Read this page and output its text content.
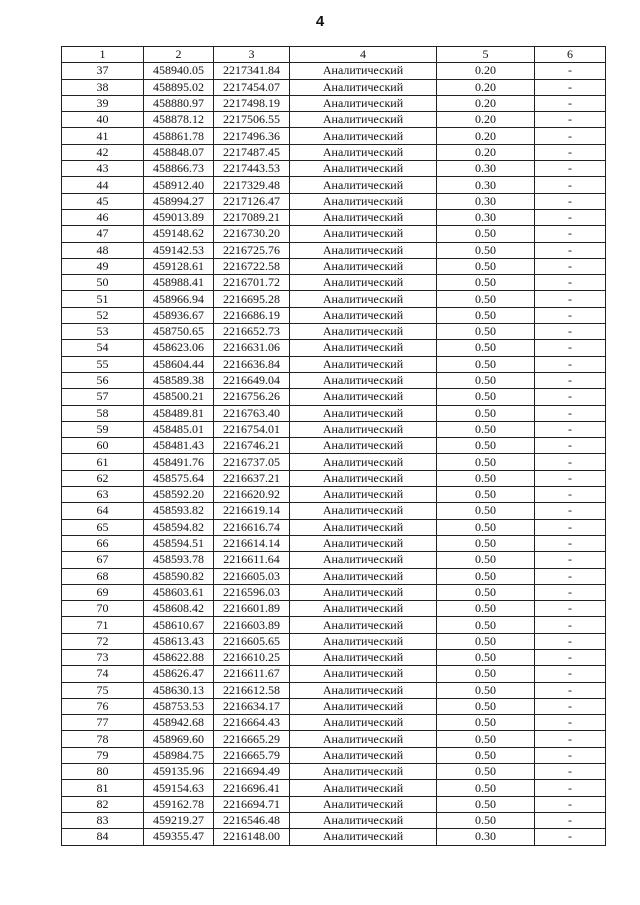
4
1	2	3	4	5	6
37	458940.05	2217341.84	Аналитический	0.20	-
38	458895.02	2217454.07	Аналитический	0.20	-
39	458880.97	2217498.19	Аналитический	0.20	-
40	458878.12	2217506.55	Аналитический	0.20	-
41	458861.78	2217496.36	Аналитический	0.20	-
42	458848.07	2217487.45	Аналитический	0.20	-
43	458866.73	2217443.53	Аналитический	0.30	-
44	458912.40	2217329.48	Аналитический	0.30	-
45	458994.27	2217126.47	Аналитический	0.30	-
46	459013.89	2217089.21	Аналитический	0.30	-
47	459148.62	2216730.20	Аналитический	0.50	-
48	459142.53	2216725.76	Аналитический	0.50	-
49	459128.61	2216722.58	Аналитический	0.50	-
50	458988.41	2216701.72	Аналитический	0.50	-
51	458966.94	2216695.28	Аналитический	0.50	-
52	458936.67	2216686.19	Аналитический	0.50	-
53	458750.65	2216652.73	Аналитический	0.50	-
54	458623.06	2216631.06	Аналитический	0.50	-
55	458604.44	2216636.84	Аналитический	0.50	-
56	458589.38	2216649.04	Аналитический	0.50	-
57	458500.21	2216756.26	Аналитический	0.50	-
58	458489.81	2216763.40	Аналитический	0.50	-
59	458485.01	2216754.01	Аналитический	0.50	-
60	458481.43	2216746.21	Аналитический	0.50	-
61	458491.76	2216737.05	Аналитический	0.50	-
62	458575.64	2216637.21	Аналитический	0.50	-
63	458592.20	2216620.92	Аналитический	0.50	-
64	458593.82	2216619.14	Аналитический	0.50	-
65	458594.82	2216616.74	Аналитический	0.50	-
66	458594.51	2216614.14	Аналитический	0.50	-
67	458593.78	2216611.64	Аналитический	0.50	-
68	458590.82	2216605.03	Аналитический	0.50	-
69	458603.61	2216596.03	Аналитический	0.50	-
70	458608.42	2216601.89	Аналитический	0.50	-
71	458610.67	2216603.89	Аналитический	0.50	-
72	458613.43	2216605.65	Аналитический	0.50	-
73	458622.88	2216610.25	Аналитический	0.50	-
74	458626.47	2216611.67	Аналитический	0.50	-
75	458630.13	2216612.58	Аналитический	0.50	-
76	458753.53	2216634.17	Аналитический	0.50	-
77	458942.68	2216664.43	Аналитический	0.50	-
78	458969.60	2216665.29	Аналитический	0.50	-
79	458984.75	2216665.79	Аналитический	0.50	-
80	459135.96	2216694.49	Аналитический	0.50	-
81	459154.63	2216696.41	Аналитический	0.50	-
82	459162.78	2216694.71	Аналитический	0.50	-
83	459219.27	2216546.48	Аналитический	0.50	-
84	459355.47	2216148.00	Аналитический	0.30	-
